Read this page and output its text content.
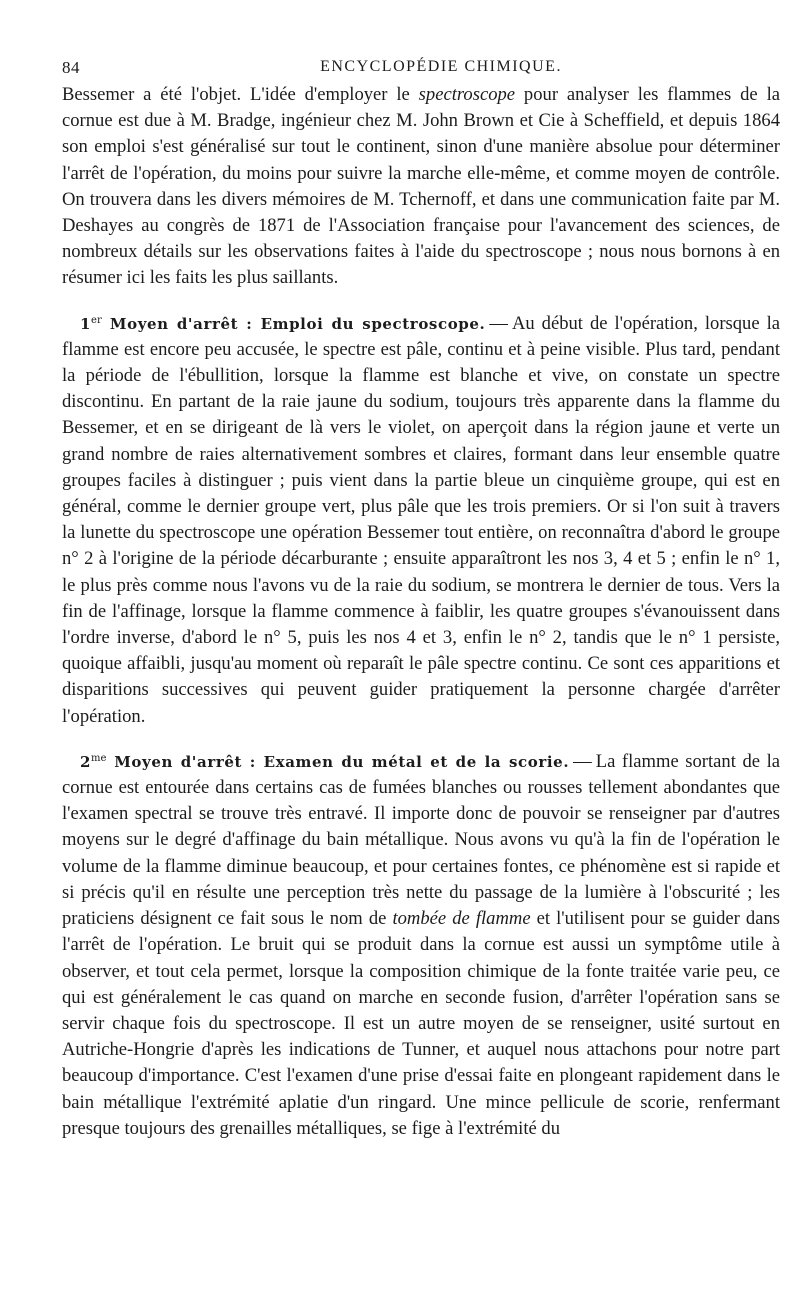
84	ENCYCLOPÉDIE CHIMIQUE.

Bessemer a été l'objet. L'idée d'employer le spectroscope pour analyser les flammes de la cornue est due à M. Bradge, ingénieur chez M. John Brown et Cie à Scheffield, et depuis 1864 son emploi s'est généralisé sur tout le continent, sinon d'une manière absolue pour déterminer l'arrêt de l'opération, du moins pour suivre la marche elle-même, et comme moyen de contrôle. On trouvera dans les divers mémoires de M. Tchernoff, et dans une communication faite par M. Deshayes au congrès de 1871 de l'Association française pour l'avancement des sciences, de nombreux détails sur les observations faites à l'aide du spectroscope ; nous nous bornons à en résumer ici les faits les plus saillants.

1er Moyen d'arrêt : Emploi du spectroscope. — Au début de l'opération, lorsque la flamme est encore peu accusée, le spectre est pâle, continu et à peine visible. Plus tard, pendant la période de l'ébullition, lorsque la flamme est blanche et vive, on constate un spectre discontinu. En partant de la raie jaune du sodium, toujours très apparente dans la flamme du Bessemer, et en se dirigeant de là vers le violet, on aperçoit dans la région jaune et verte un grand nombre de raies alternativement sombres et claires, formant dans leur ensemble quatre groupes faciles à distinguer ; puis vient dans la partie bleue un cinquième groupe, qui est en général, comme le dernier groupe vert, plus pâle que les trois premiers. Or si l'on suit à travers la lunette du spectroscope une opération Bessemer tout entière, on reconnaîtra d'abord le groupe n° 2 à l'origine de la période décarburante ; ensuite apparaîtront les nos 3, 4 et 5 ; enfin le n° 1, le plus près comme nous l'avons vu de la raie du sodium, se montrera le dernier de tous. Vers la fin de l'affinage, lorsque la flamme commence à faiblir, les quatre groupes s'évanouissent dans l'ordre inverse, d'abord le n° 5, puis les nos 4 et 3, enfin le n° 2, tandis que le n° 1 persiste, quoique affaibli, jusqu'au moment où reparaît le pâle spectre continu. Ce sont ces apparitions et disparitions successives qui peuvent guider pratiquement la personne chargée d'arrêter l'opération.

$2^{me}$ Moyen d'arrêt : Examen du métal et de la scorie. — La flamme sortant de la cornue est entourée dans certains cas de fumées blanches ou rousses tellement abondantes que l'examen spectral se trouve très entravé. Il importe donc de pouvoir se renseigner par d'autres moyens sur le degré d'affinage du bain métallique. Nous avons vu qu'à la fin de l'opération le volume de la flamme diminue beaucoup, et pour certaines fontes, ce phénomène est si rapide et si précis qu'il en résulte une perception très nette du passage de la lumière à l'obscurité ; les praticiens désignent ce fait sous le nom de tombée de flamme et l'utilisent pour se guider dans l'arrêt de l'opération. Le bruit qui se produit dans la cornue est aussi un symptôme utile à observer, et tout cela permet, lorsque la composition chimique de la fonte traitée varie peu, ce qui est généralement le cas quand on marche en seconde fusion, d'arrêter l'opération sans se servir chaque fois du spectroscope. Il est un autre moyen de se renseigner, usité surtout en Autriche-Hongrie d'après les indications de Tunner, et auquel nous attachons pour notre part beaucoup d'importance. C'est l'examen d'une prise d'essai faite en plongeant rapidement dans le bain métallique l'extrémité aplatie d'un ringard. Une mince pellicule de scorie, renfermant presque toujours des grenailles métalliques, se fige à l'extrémité du
